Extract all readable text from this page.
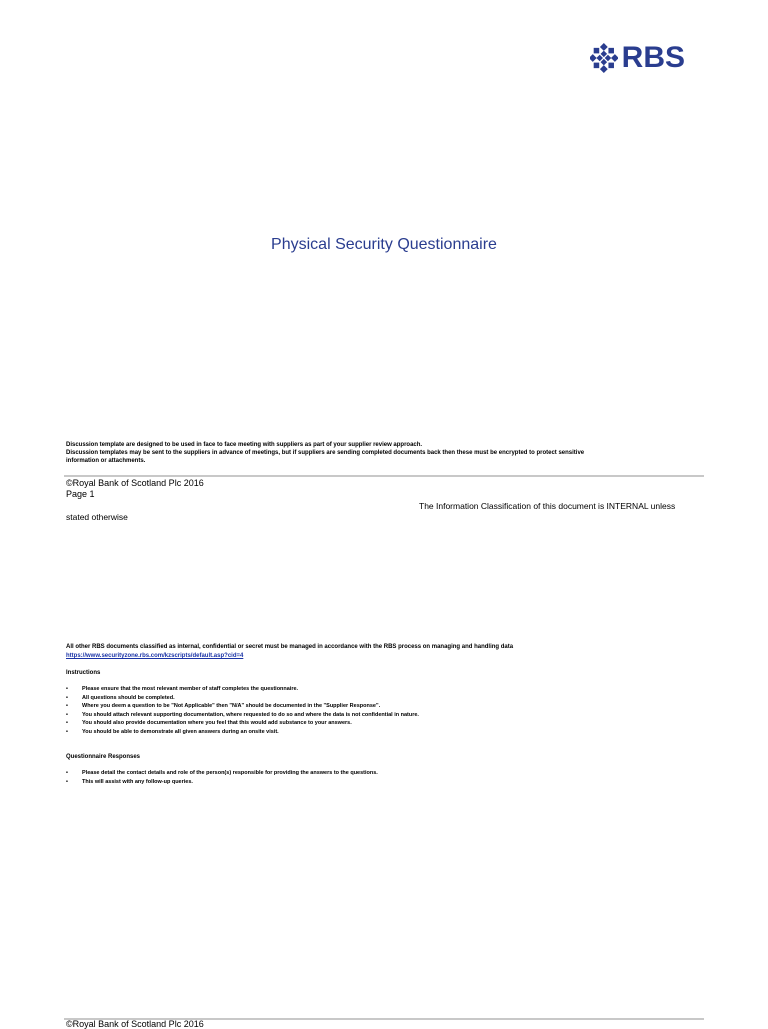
RBS
Physical Security Questionnaire
Discussion template are designed to be used in face to face meeting with suppliers as part of your supplier review approach.
Discussion templates may be sent to the suppliers in advance of meetings, but if suppliers are sending completed documents back then these must be encrypted to protect sensitive
information or attachments.
©Royal Bank of Scotland Plc 2016
Page 1
The Information Classification of this document is INTERNAL unless
stated otherwise
All other RBS documents classified as internal, confidential or secret must be managed in accordance with the RBS process on managing and handling data
https://www.securityzone.rbs.com/kzscripts/default.asp?cid=4
Instructions
•	Please ensure that the most relevant member of staff completes the questionnaire.
•	All questions should be completed.
•	Where you deem a question to be "Not Applicable" then "N/A" should be documented in the "Supplier Response".
•	You should attach relevant supporting documentation, where requested to do so and where the data is not confidential in nature.
•	You should also provide documentation where you feel that this would add substance to your answers.
•	You should be able to demonstrate all given answers during an onsite visit.
Questionnaire Responses
•	Please detail the contact details and role of the person(s) responsible for providing the answers to the questions.
•	This will assist with any follow-up queries.
©Royal Bank of Scotland Plc 2016
